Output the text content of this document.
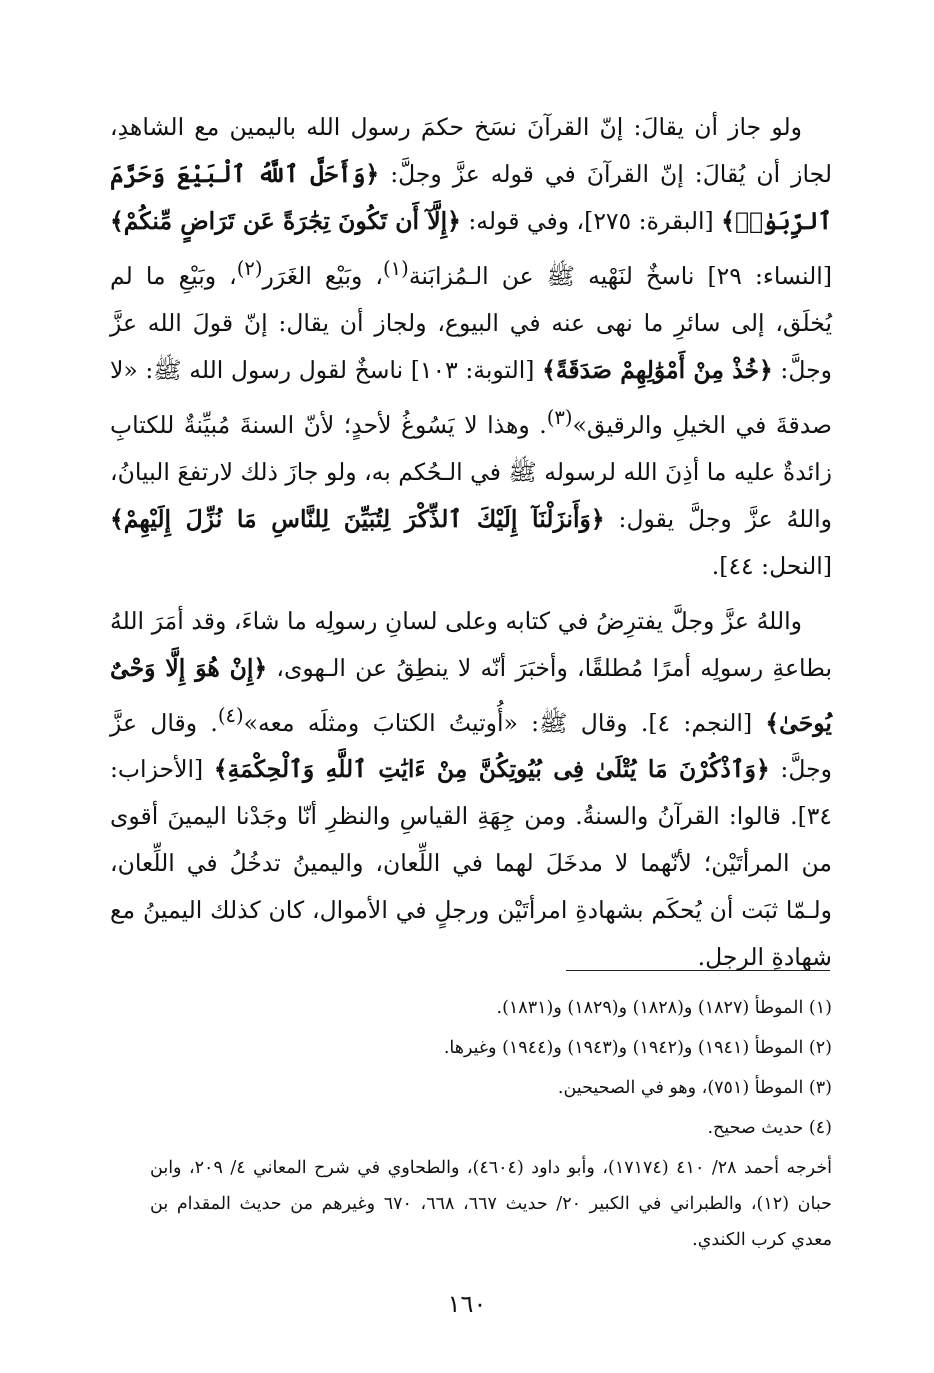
ولو جاز أن يقالَ: إنّ القرآنَ نسَخ حكمَ رسول الله باليمين مع الشاهدِ، لجاز أن يُقالَ: إنّ القرآنَ في قوله عزَّ وجلَّ: ﴿وَأَحَلَّ ٱللَّهُ ٱلْبَيْعَ وَحَرَّمَ ٱلرِّبَوٰا۟﴾ [البقرة: ٢٧٥]، وفي قوله: ﴿إِلَّآ أَن تَكُونَ تِجَٰرَةً عَن تَرَاضٍ مِّنكُمْ﴾ [النساء: ٢٩] ناسخٌ لنَهْيه ﷺ عن الـمُزابَنة$^{(١)}$، وبَيْع الغَرَر$^{(٢)}$، وبَيْعِ ما لم يُخلَق، إلى سائرِ ما نهى عنه في البيوع، ولجاز أن يقال: إنّ قولَ الله عزَّ وجلَّ: ﴿خُذْ مِنْ أَمْوَٰلِهِمْ صَدَقَةً﴾ [التوبة: ١٠٣] ناسخٌ لقول رسول الله ﷺ: «لا صدقةَ في الخيلِ والرقيق»$^{(٣)}$. وهذا لا يَسُوغُ لأحدٍ؛ لأنّ السنةَ مُبيِّنةٌ للكتابِ زائدةٌ عليه ما أذِنَ الله لرسوله ﷺ في الـحُكم به، ولو جازَ ذلك لارتفعَ البيانُ، واللهُ عزَّ وجلَّ يقول: ﴿وَأَنزَلْنَآ إِلَيْكَ ٱلذِّكْرَ لِتُبَيِّنَ لِلنَّاسِ مَا نُزِّلَ إِلَيْهِمْ﴾ [النحل: ٤٤].

واللهُ عزَّ وجلَّ يفترِضُ في كتابه وعلى لسانِ رسولِه ما شاءَ، وقد أمَرَ اللهُ بطاعةِ رسولِه أمرًا مُطلقًا، وأخبَرَ أنّه لا ينطِقُ عن الـهوى، ﴿إِنْ هُوَ إِلَّا وَحْىٌ يُوحَىٰ﴾ [النجم: ٤]. وقال ﷺ: «أُوتيتُ الكتابَ ومثلَه معه»$^{(٤)}$. وقال عزَّ وجلَّ: ﴿وَٱذْكُرْنَ مَا يُتْلَىٰ فِى بُيُوتِكُنَّ مِنْ ءَايَٰتِ ٱللَّهِ وَٱلْحِكْمَةِ﴾ [الأحزاب: ٣٤]. قالوا: القرآنُ والسنةُ. ومن جِهَةِ القياسِ والنظرِ أنّا وجَدْنا اليمينَ أقوى من المرأتَيْن؛ لأنّهما لا مدخَلَ لهما في اللِّعان، واليمينُ تدخُلُ في اللِّعان، ولـمّا ثبَت أن يُحكَم بشهادةِ امرأتَيْن ورجلٍ في الأموال، كان كذلك اليمينُ مع شهادةِ الرجل.

(١) الموطأ (١٨٢٧) و(١٨٢٨) و(١٨٢٩) و(١٨٣١).

(٢) الموطأ (١٩٤١) و(١٩٤٢) و(١٩٤٣) و(١٩٤٤) وغيرها.

(٣) الموطأ (٧٥١)، وهو في الصحيحين.

(٤) حديث صحيح.

أخرجه أحمد ٢٨/ ٤١٠ (١٧١٧٤)، وأبو داود (٤٦٠٤)، والطحاوي في شرح المعاني ٤/ ٢٠٩، وابن حبان (١٢)، والطبراني في الكبير ٢٠/ حديث ٦٦٧، ٦٦٨، ٦٧٠ وغيرهم من حديث المقدام بن معدي كرب الكندي.

١٦٠
